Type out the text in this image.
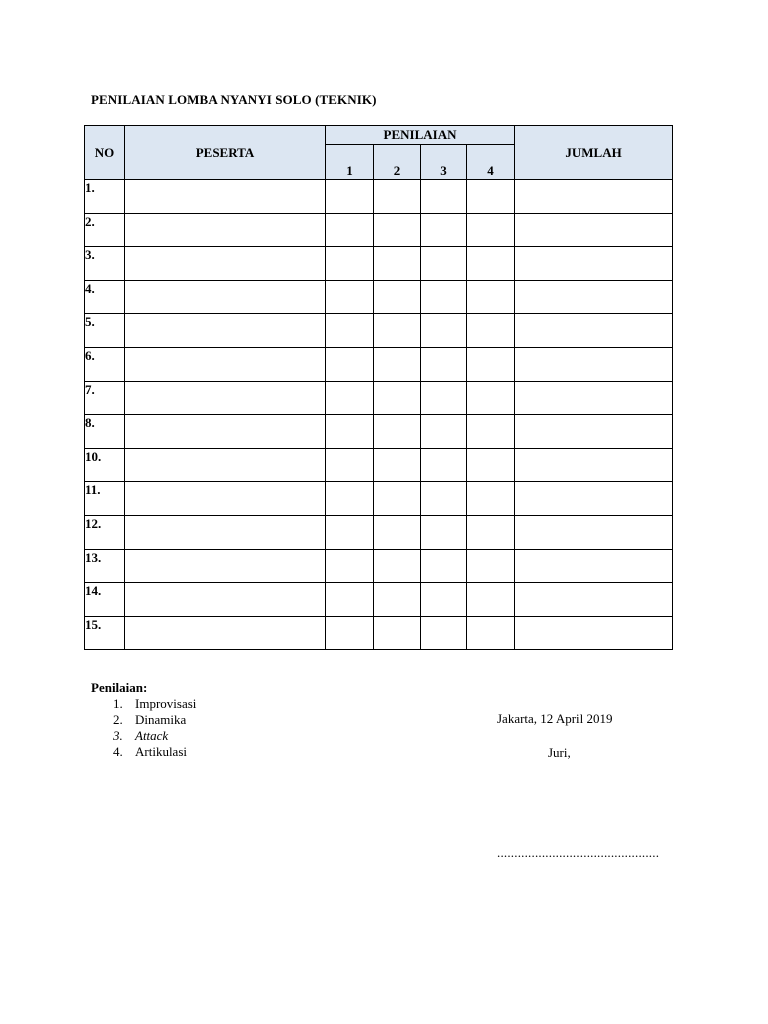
PENILAIAN LOMBA NYANYI SOLO (TEKNIK)
NO	PESERTA	PENILAIAN				JUMLAH
		1	2	3	4	
1.						
2.						
3.						
4.						
5.						
6.						
7.						
8.						
10.						
11.						
12.						
13.						
14.						
15.						
Penilaian:
1. Improvisasi
2. Dinamika
3. Attack
4. Artikulasi
Jakarta, 12 April 2019
Juri,
...............................................
